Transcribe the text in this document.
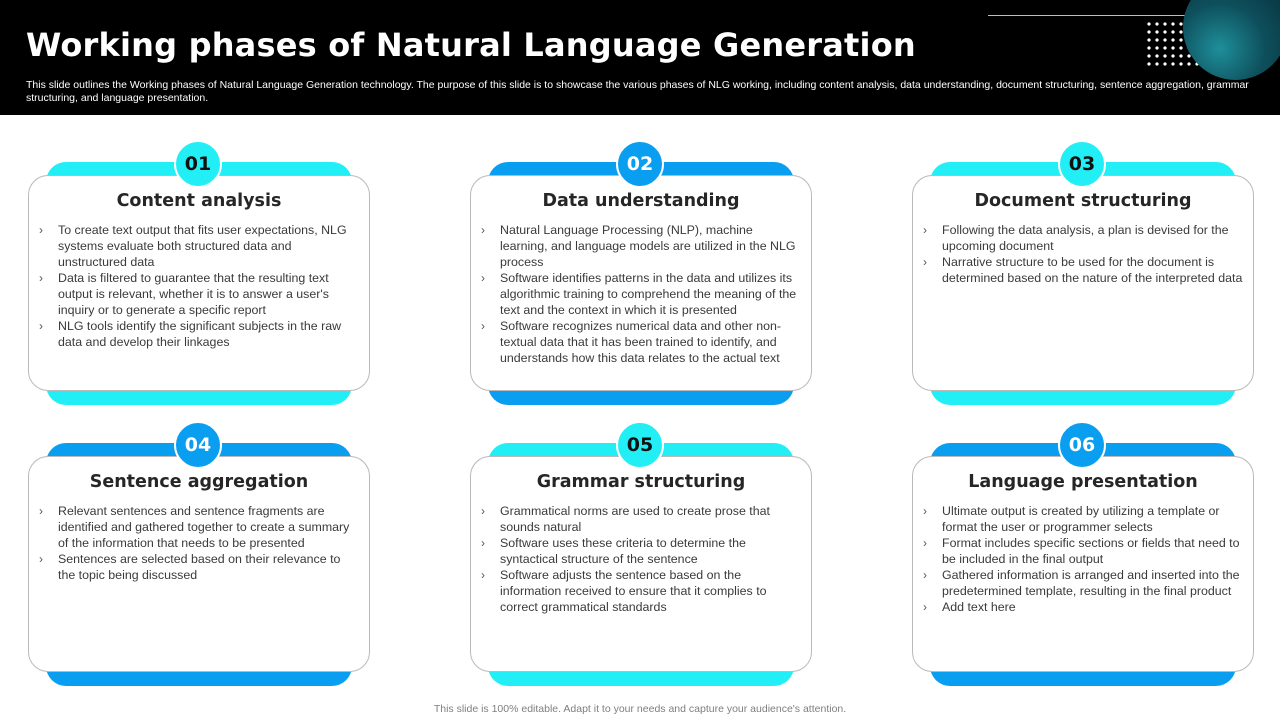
Working phases of Natural Language Generation

This slide outlines the Working phases of Natural Language Generation technology. The purpose of this slide is to showcase the various phases of NLG working, including content analysis, data understanding, document structuring, sentence aggregation, grammar structuring, and language presentation.

Content analysis
› To create text output that fits user expectations, NLG systems evaluate both structured data and unstructured data
› Data is filtered to guarantee that the resulting text output is relevant, whether it is to answer a user's inquiry or to generate a specific report
› NLG tools identify the significant subjects in the raw data and develop their linkages
01
Data understanding
› Natural Language Processing (NLP), machine learning, and language models are utilized in the NLG process
› Software identifies patterns in the data and utilizes its algorithmic training to comprehend the meaning of the text and the context in which it is presented
› Software recognizes numerical data and other non-textual data that it has been trained to identify, and understands how this data relates to the actual text
02
Document structuring
› Following the data analysis, a plan is devised for the upcoming document
› Narrative structure to be used for the document is determined based on the nature of the interpreted data
03
Sentence aggregation
› Relevant sentences and sentence fragments are identified and gathered together to create a summary of the information that needs to be presented
› Sentences are selected based on their relevance to the topic being discussed
04
Grammar structuring
› Grammatical norms are used to create prose that sounds natural
› Software uses these criteria to determine the syntactical structure of the sentence
› Software adjusts the sentence based on the information received to ensure that it complies to correct grammatical standards
05
Language presentation
› Ultimate output is created by utilizing a template or format the user or programmer selects
› Format includes specific sections or fields that need to be included in the final output
› Gathered information is arranged and inserted into the predetermined template, resulting in the final product
› Add text here
06
This slide is 100% editable. Adapt it to your needs and capture your audience's attention.
